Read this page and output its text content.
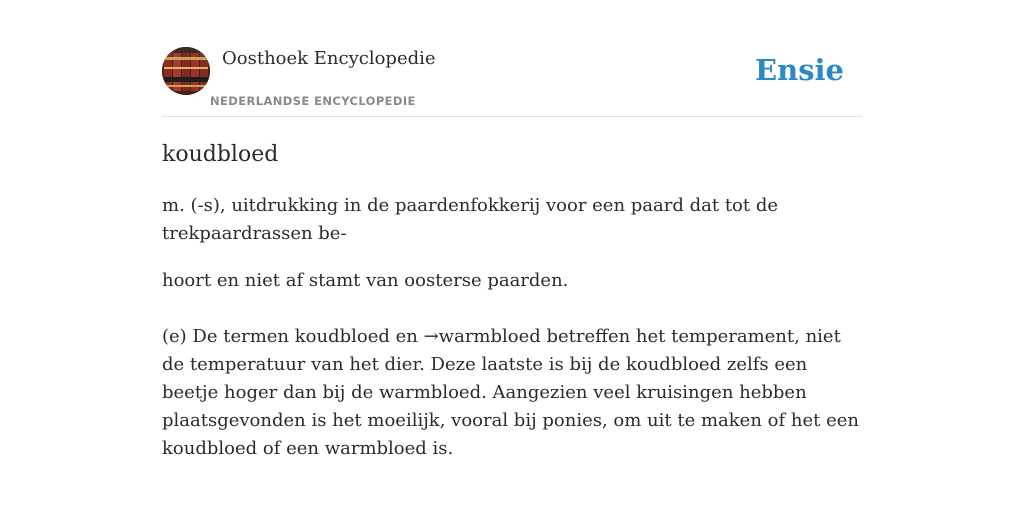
Oosthoek Encyclopedie
NEDERLANDSE ENCYCLOPEDIE
Ensie
koudbloed

m. (-s), uitdrukking in de paardenfokkerij voor een paard dat tot de trekpaardrassen be-

hoort en niet af stamt van oosterse paarden.

(e) De termen koudbloed en →warmbloed betreffen het temperament, niet de temperatuur van het dier. Deze laatste is bij de koudbloed zelfs een beetje hoger dan bij de warmbloed. Aangezien veel kruisingen hebben plaatsgevonden is het moeilijk, vooral bij ponies, om uit te maken of het een koudbloed of een warmbloed is.
